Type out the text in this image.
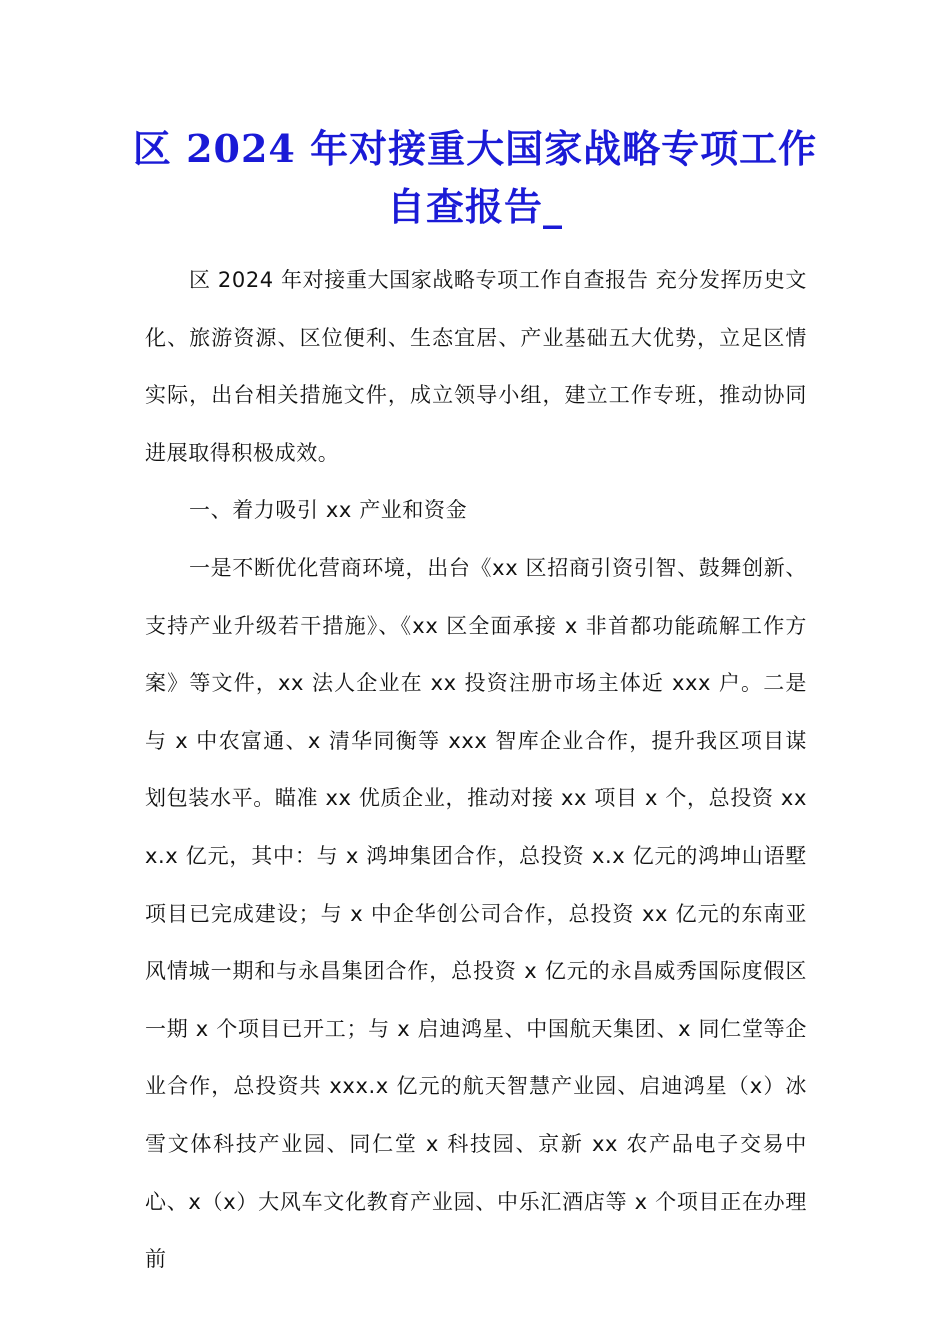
区 2024 年对接重大国家战略专项工作自查报告_

区 2024 年对接重大国家战略专项工作自查报告 充分发挥历史文化、旅游资源、区位便利、生态宜居、产业基础五大优势，立足区情实际，出台相关措施文件，成立领导小组，建立工作专班，推动协同进展取得积极成效。

一、着力吸引 xx 产业和资金

一是不断优化营商环境，出台《xx 区招商引资引智、鼓舞创新、支持产业升级若干措施》、《xx 区全面承接 x 非首都功能疏解工作方案》等文件，xx 法人企业在 xx 投资注册市场主体近 xxx 户。二是与 x 中农富通、x 清华同衡等 xxx 智库企业合作，提升我区项目谋划包装水平。瞄准 xx 优质企业，推动对接 xx 项目 x 个，总投资 xxx.x 亿元，其中：与 x 鸿坤集团合作，总投资 x.x 亿元的鸿坤山语墅项目已完成建设；与 x 中企华创公司合作，总投资 xx 亿元的东南亚风情城一期和与永昌集团合作，总投资 x 亿元的永昌威秀国际度假区一期 x 个项目已开工；与 x 启迪鸿星、中国航天集团、x 同仁堂等企业合作，总投资共 xxx.x 亿元的航天智慧产业园、启迪鸿星（x）冰雪文体科技产业园、同仁堂 x 科技园、京新 xx 农产品电子交易中心、x（x）大风车文化教育产业园、中乐汇酒店等 x 个项目正在办理前
